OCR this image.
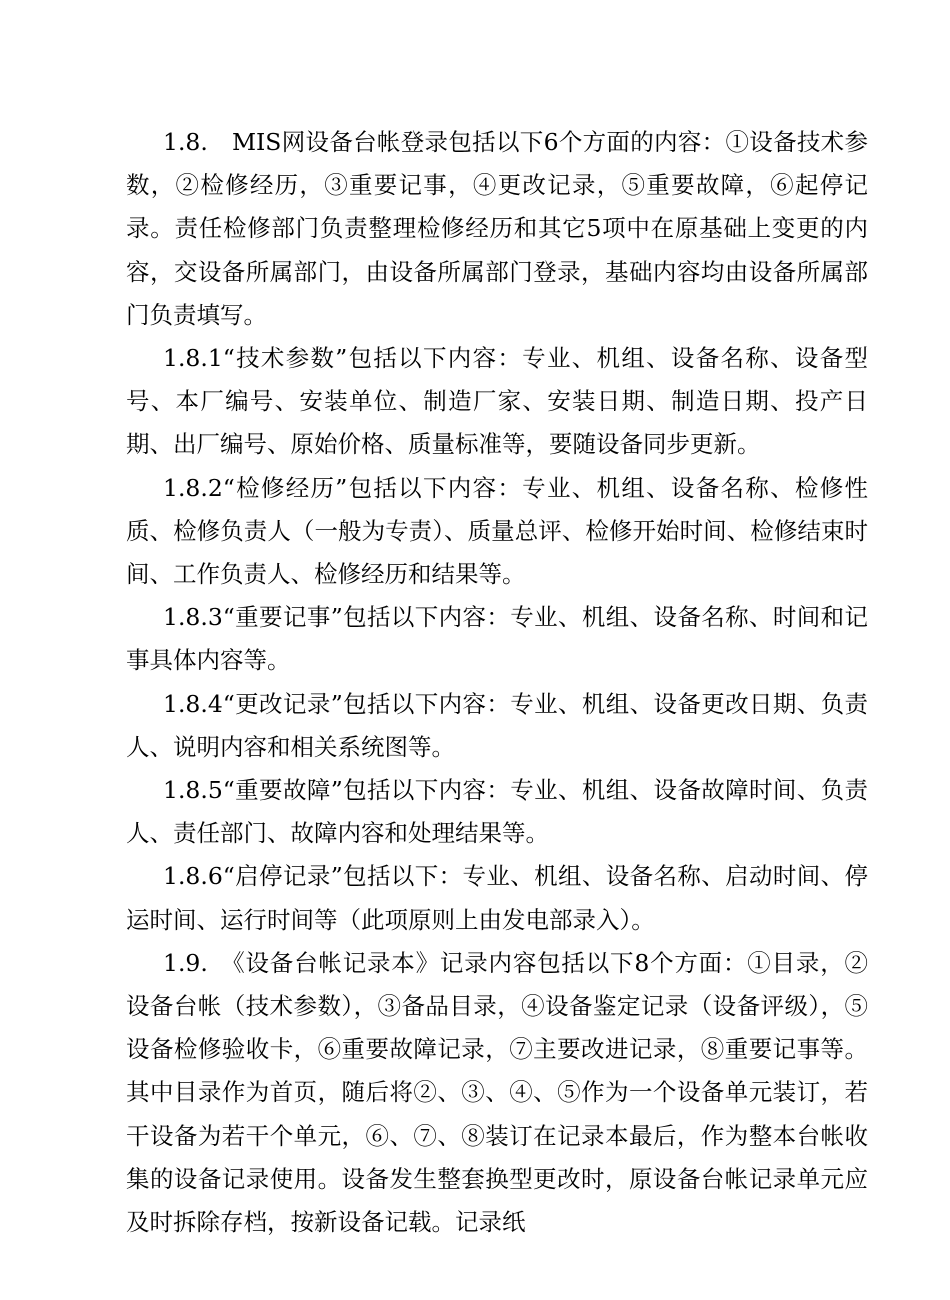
1.8.　MIS网设备台帐登录包括以下6个方面的内容：①设备技术参数，②检修经历，③重要记事，④更改记录，⑤重要故障，⑥起停记录。责任检修部门负责整理检修经历和其它5项中在原基础上变更的内容，交设备所属部门，由设备所属部门登录，基础内容均由设备所属部门负责填写。

1.8.1“技术参数”包括以下内容：专业、机组、设备名称、设备型号、本厂编号、安装单位、制造厂家、安装日期、制造日期、投产日期、出厂编号、原始价格、质量标准等，要随设备同步更新。

1.8.2“检修经历”包括以下内容：专业、机组、设备名称、检修性质、检修负责人（一般为专责）、质量总评、检修开始时间、检修结束时间、工作负责人、检修经历和结果等。

1.8.3“重要记事”包括以下内容：专业、机组、设备名称、时间和记事具体内容等。

1.8.4“更改记录”包括以下内容：专业、机组、设备更改日期、负责人、说明内容和相关系统图等。

1.8.5“重要故障”包括以下内容：专业、机组、设备故障时间、负责人、责任部门、故障内容和处理结果等。

1.8.6“启停记录”包括以下：专业、机组、设备名称、启动时间、停运时间、运行时间等（此项原则上由发电部录入）。

1.9.　《设备台帐记录本》记录内容包括以下8个方面：①目录，②设备台帐（技术参数），③备品目录，④设备鉴定记录（设备评级），⑤设备检修验收卡，⑥重要故障记录，⑦主要改进记录，⑧重要记事等。其中目录作为首页，随后将②、③、④、⑤作为一个设备单元装订，若干设备为若干个单元，⑥、⑦、⑧装订在记录本最后，作为整本台帐收集的设备记录使用。设备发生整套换型更改时，原设备台帐记录单元应及时拆除存档，按新设备记载。记录纸
